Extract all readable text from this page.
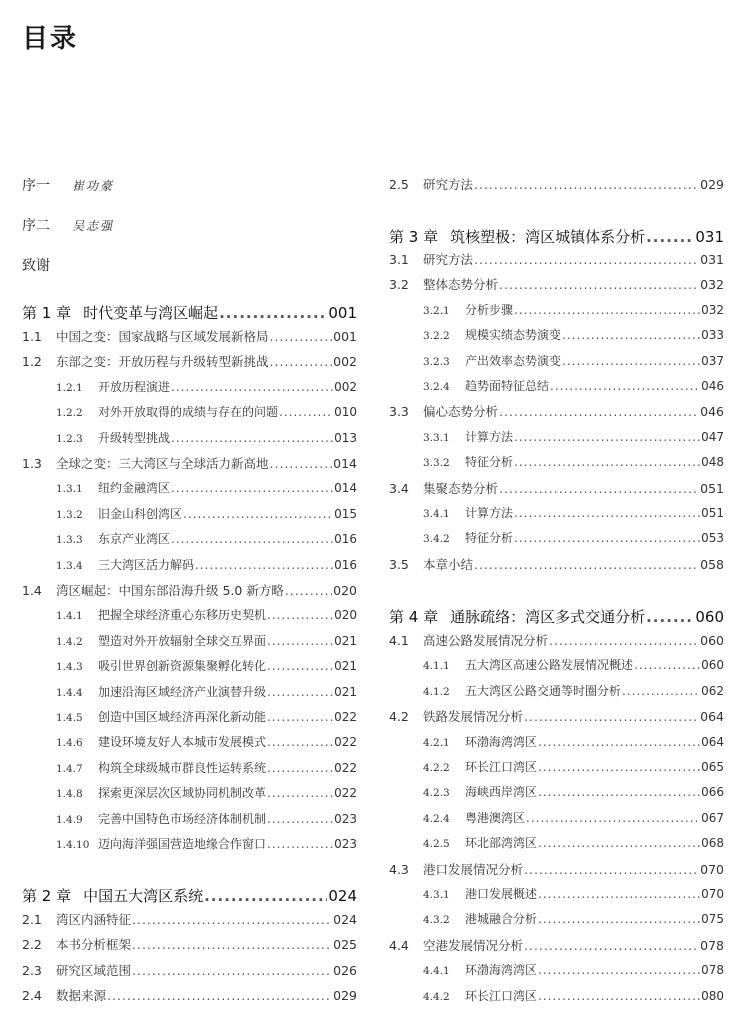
目录
序一 崔功豪
序二 吴志强
致谢
第 1 章 时代变革与湾区崛起 .....	001
1.1	中国之变：国家战略与区域发展新格局 .....	001
1.2	东部之变：开放历程与升级转型新挑战 .....	002
1.2.1	开放历程演进 .....	002
1.2.2	对外开放取得的成绩与存在的问题 .....	010
1.2.3	升级转型挑战 .....	013
1.3	全球之变：三大湾区与全球活力新高地 .....	014
1.3.1	纽约金融湾区 .....	014
1.3.2	旧金山科创湾区 .....	015
1.3.3	东京产业湾区 .....	016
1.3.4	三大湾区活力解码 .....	016
1.4	湾区崛起：中国东部沿海升级 5.0 新方略 .....	020
1.4.1	把握全球经济重心东移历史契机 .....	020
1.4.2	塑造对外开放辐射全球交互界面 .....	021
1.4.3	吸引世界创新资源集聚孵化转化 .....	021
1.4.4	加速沿海区域经济产业演替升级 .....	021
1.4.5	创造中国区域经济再深化新动能 .....	022
1.4.6	建设环境友好人本城市发展模式 .....	022
1.4.7	构筑全球级城市群良性运转系统 .....	022
1.4.8	探索更深层次区域协同机制改革 .....	022
1.4.9	完善中国特色市场经济体制机制 .....	023
1.4.10 迈向海洋强国营造地缘合作窗口 .....	023
第 2 章 中国五大湾区系统 .....	024
2.1	湾区内涵特征 .....	024
2.2	本书分析框架 .....	025
2.3	研究区域范围 .....	026
2.4	数据来源 .....	029
2.5	研究方法 .....	029
第 3 章 筑核塑极：湾区城镇体系分析 .....	031
3.1	研究方法 .....	031
3.2	整体态势分析 .....	032
3.2.1	分析步骤 .....	032
3.2.2	规模实绩态势演变 .....	033
3.2.3	产出效率态势演变 .....	037
3.2.4	趋势面特征总结 .....	046
3.3	偏心态势分析 .....	046
3.3.1	计算方法 .....	047
3.3.2	特征分析 .....	048
3.4	集聚态势分析 .....	051
3.4.1	计算方法 .....	051
3.4.2	特征分析 .....	053
3.5	本章小结 .....	058
第 4 章 通脉疏络：湾区多式交通分析 .....	060
4.1	高速公路发展情况分析 .....	060
4.1.1	五大湾区高速公路发展情况概述 .....	060
4.1.2	五大湾区公路交通等时圈分析 .....	062
4.2	铁路发展情况分析 .....	064
4.2.1	环渤海湾湾区 .....	064
4.2.2	环长江口湾区 .....	065
4.2.3	海峡西岸湾区 .....	066
4.2.4	粤港澳湾区 .....	067
4.2.5	环北部湾湾区 .....	068
4.3	港口发展情况分析 .....	070
4.3.1	港口发展概述 .....	070
4.3.2	港城融合分析 .....	075
4.4	空港发展情况分析 .....	078
4.4.1	环渤海湾湾区 .....	078
4.4.2	环长江口湾区 .....	080
